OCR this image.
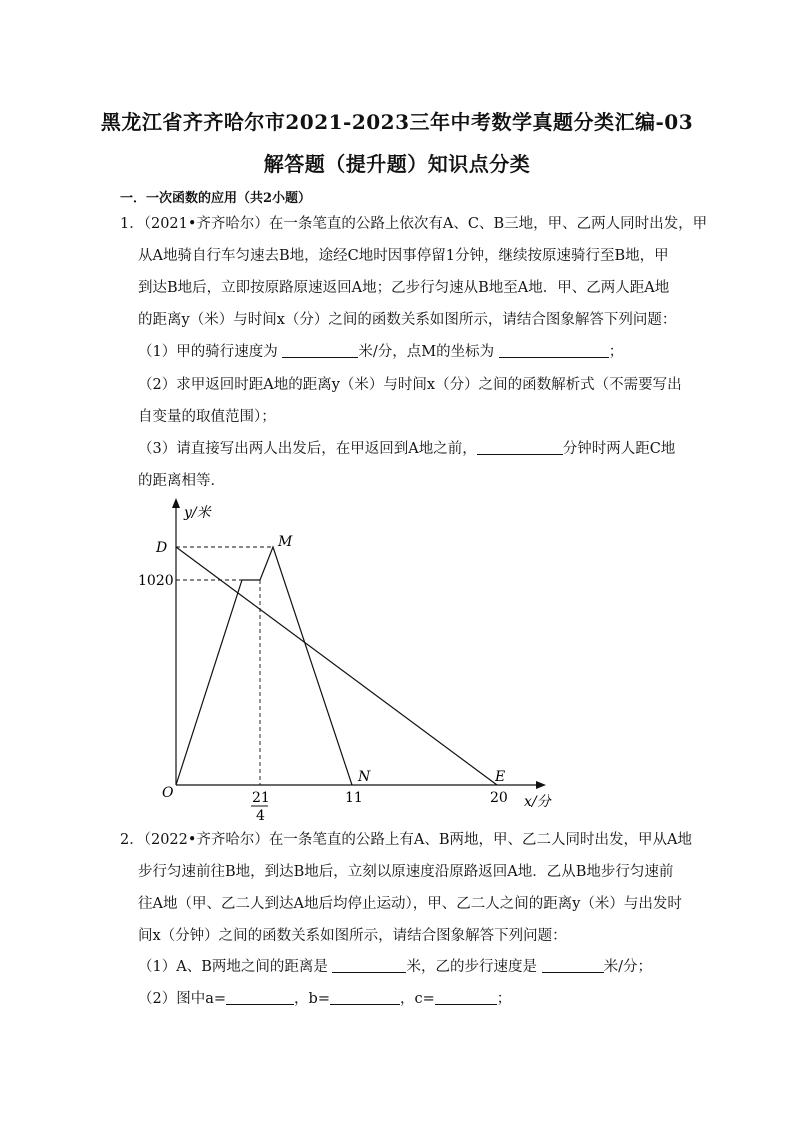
黑龙江省齐齐哈尔市2021-2023三年中考数学真题分类汇编-03
解答题（提升题）知识点分类
一．一次函数的应用（共2小题）
1．（2021•齐齐哈尔）在一条笔直的公路上依次有A、C、B三地，甲、乙两人同时出发，甲
从A地骑自行车匀速去B地，途经C地时因事停留1分钟，继续按原速骑行至B地，甲
到达B地后，立即按原路原速返回A地；乙步行匀速从B地至A地．甲、乙两人距A地
的距离y（米）与时间x（分）之间的函数关系如图所示，请结合图象解答下列问题：
（1）甲的骑行速度为	米/分，点M的坐标为	；
（2）求甲返回时距A地的距离y（米）与时间x（分）之间的函数解析式（不需要写出
自变量的取值范围）；
（3）请直接写出两人出发后，在甲返回到A地之前，	分钟时两人距C地
的距离相等．
y/米
x/分
O
D	M
N	E
1020
21
4
11	20
2．（2022•齐齐哈尔）在一条笔直的公路上有A、B两地，甲、乙二人同时出发，甲从A地
步行匀速前往B地，到达B地后，立刻以原速度沿原路返回A地．乙从B地步行匀速前
往A地（甲、乙二人到达A地后均停止运动），甲、乙二人之间的距离y（米）与出发时
间x（分钟）之间的函数关系如图所示，请结合图象解答下列问题：
（1）A、B两地之间的距离是	米，乙的步行速度是	米/分；
（2）图中a=	，b=	，c=	；
